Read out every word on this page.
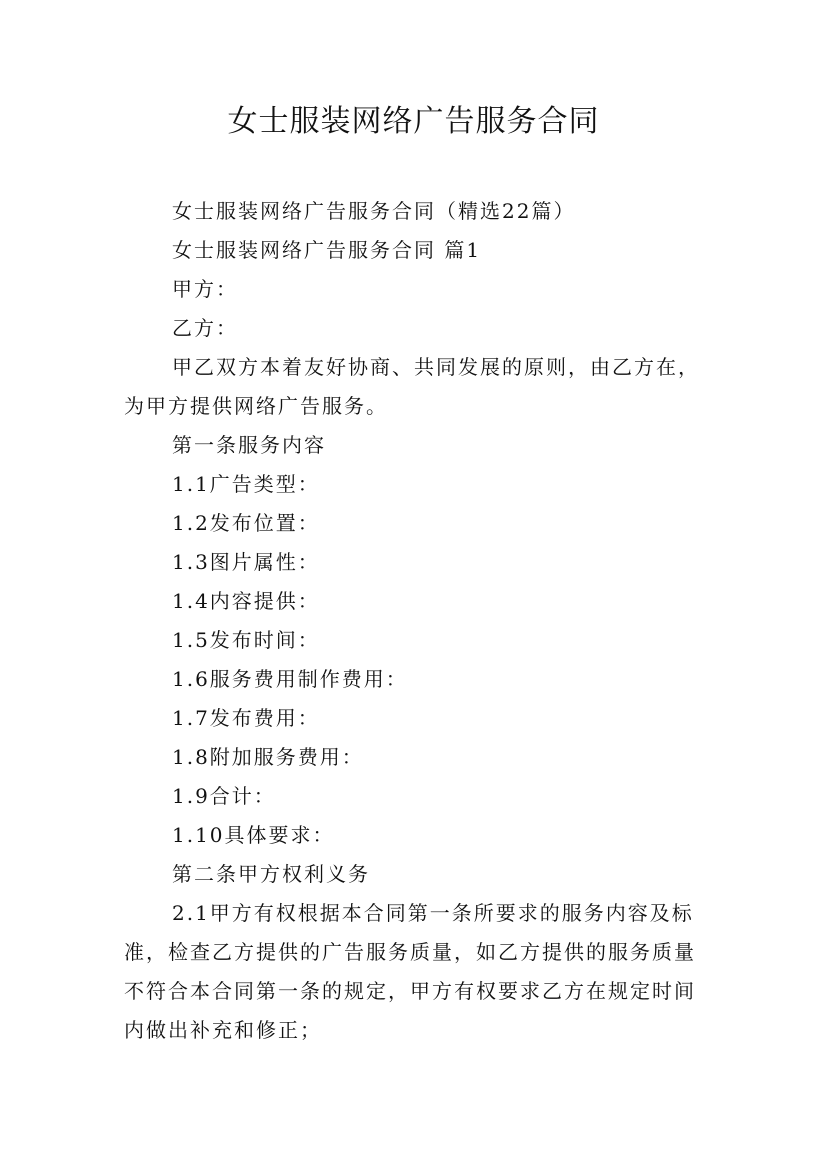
女士服装网络广告服务合同

女士服装网络广告服务合同（精选22篇）

女士服装网络广告服务合同 篇1

甲方：

乙方：

甲乙双方本着友好协商、共同发展的原则，由乙方在，为甲方提供网络广告服务。

第一条服务内容

1.1广告类型：

1.2发布位置：

1.3图片属性：

1.4内容提供：

1.5发布时间：

1.6服务费用制作费用：

1.7发布费用：

1.8附加服务费用：

1.9合计：

1.10具体要求：

第二条甲方权利义务

2.1甲方有权根据本合同第一条所要求的服务内容及标准，检查乙方提供的广告服务质量，如乙方提供的服务质量不符合本合同第一条的规定，甲方有权要求乙方在规定时间内做出补充和修正；
